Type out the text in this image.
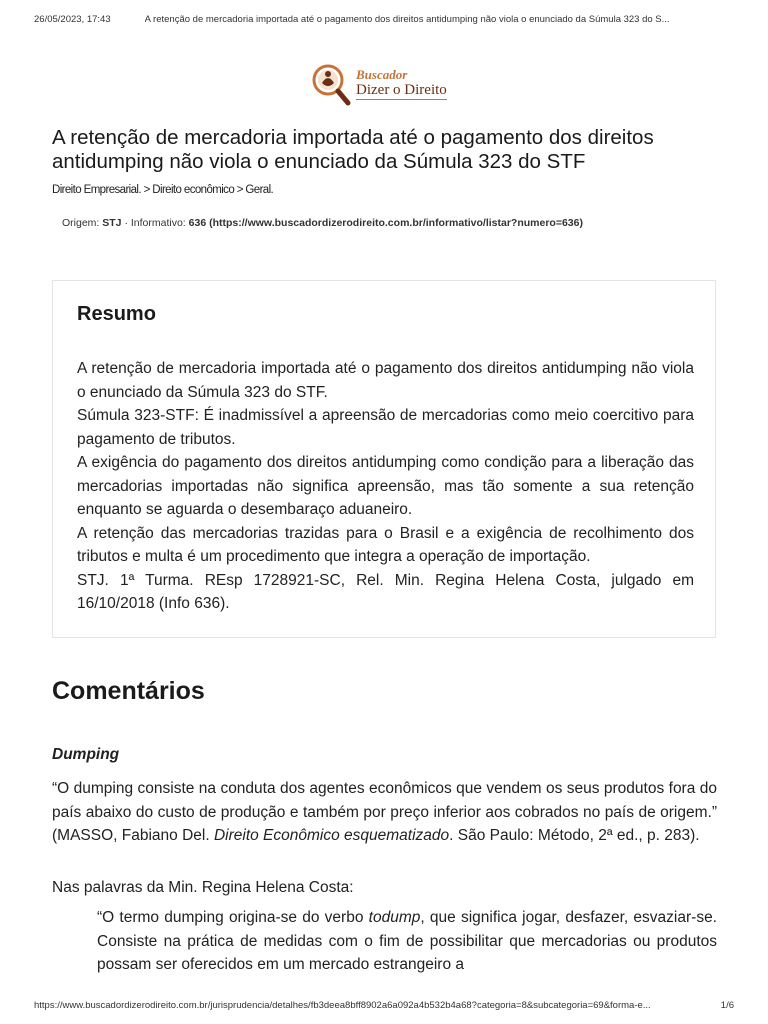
26/05/2023, 17:43	A retenção de mercadoria importada até o pagamento dos direitos antidumping não viola o enunciado da Súmula 323 do S...
Buscador
Dizer o Direito
A retenção de mercadoria importada até o pagamento dos direitos antidumping não viola o enunciado da Súmula 323 do STF
Direito Empresarial. > Direito econômico > Geral.
Origem: STJ · Informativo: 636 (https://www.buscadordizerodireito.com.br/informativo/listar?numero=636)
Resumo

A retenção de mercadoria importada até o pagamento dos direitos antidumping não viola o enunciado da Súmula 323 do STF.

Súmula 323-STF: É inadmissível a apreensão de mercadorias como meio coercitivo para pagamento de tributos.

A exigência do pagamento dos direitos antidumping como condição para a liberação das mercadorias importadas não significa apreensão, mas tão somente a sua retenção enquanto se aguarda o desembaraço aduaneiro.

A retenção das mercadorias trazidas para o Brasil e a exigência de recolhimento dos tributos e multa é um procedimento que integra a operação de importação.

STJ. 1ª Turma. REsp 1728921-SC, Rel. Min. Regina Helena Costa, julgado em 16/10/2018 (Info 636).

Comentários
Dumping

“O dumping consiste na conduta dos agentes econômicos que vendem os seus produtos fora do país abaixo do custo de produção e também por preço inferior aos cobrados no país de origem.” (MASSO, Fabiano Del. Direito Econômico esquematizado. São Paulo: Método, 2ª ed., p. 283).

Nas palavras da Min. Regina Helena Costa:

“O termo dumping origina-se do verbo todump, que significa jogar, desfazer, esvaziar-se. Consiste na prática de medidas com o fim de possibilitar que mercadorias ou produtos possam ser oferecidos em um mercado estrangeiro a

https://www.buscadordizerodireito.com.br/jurisprudencia/detalhes/fb3deea8bff8902a6a092a4b532b4a68?categoria=8&subcategoria=69&forma-e...	1/6
